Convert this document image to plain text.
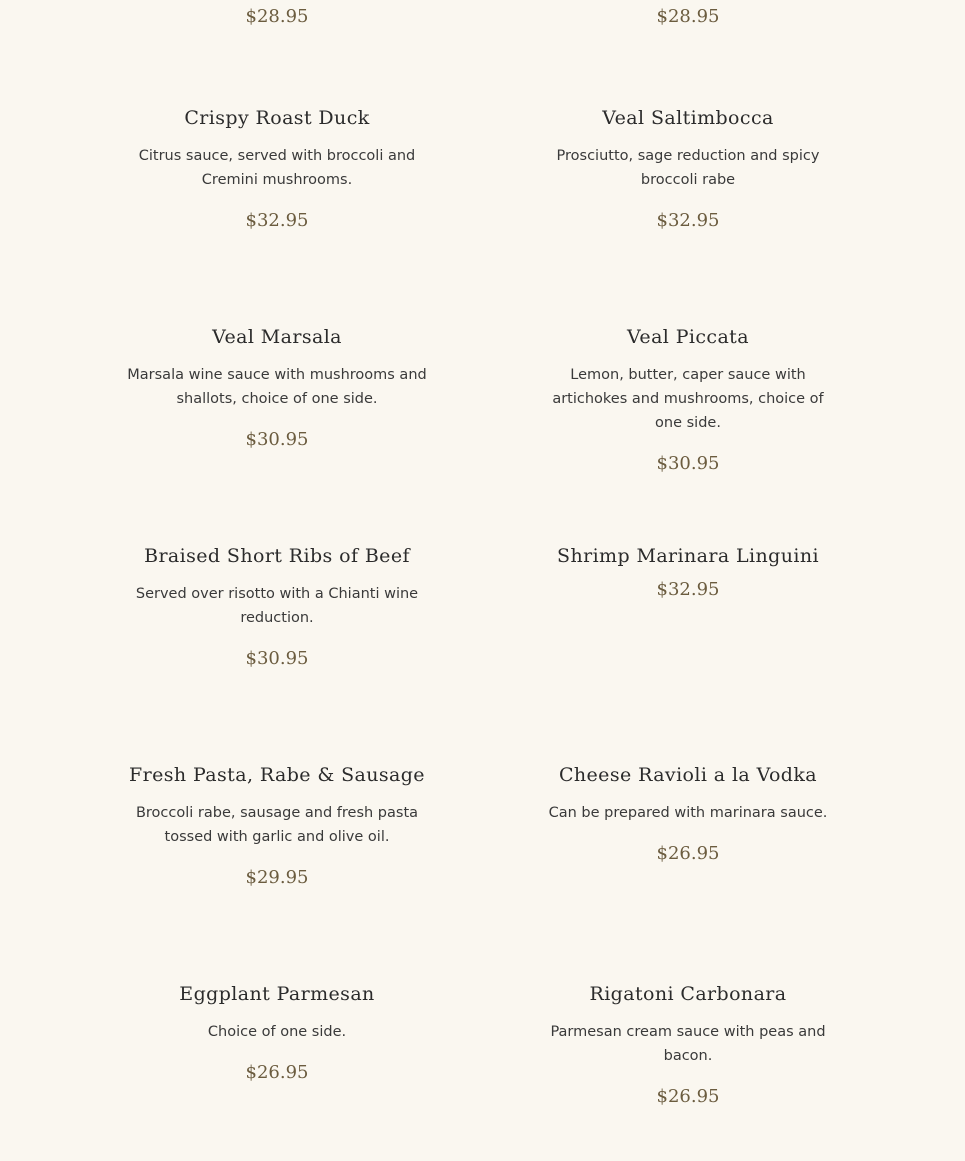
$28.95	$28.95

Crispy Roast Duck

Citrus sauce, served with broccoli and Cremini mushrooms.

$32.95

Veal Saltimbocca

Prosciutto, sage reduction and spicy broccoli rabe

$32.95

Veal Marsala

Marsala wine sauce with mushrooms and shallots, choice of one side.

$30.95

Veal Piccata

Lemon, butter, caper sauce with artichokes and mushrooms, choice of one side.

$30.95

Braised Short Ribs of Beef

Served over risotto with a Chianti wine reduction.

$30.95

Shrimp Marinara Linguini

$32.95

Fresh Pasta, Rabe & Sausage

Broccoli rabe, sausage and fresh pasta tossed with garlic and olive oil.

$29.95

Cheese Ravioli a la Vodka

Can be prepared with marinara sauce.

$26.95

Eggplant Parmesan

Choice of one side.

$26.95

Rigatoni Carbonara

Parmesan cream sauce with peas and bacon.

$26.95
